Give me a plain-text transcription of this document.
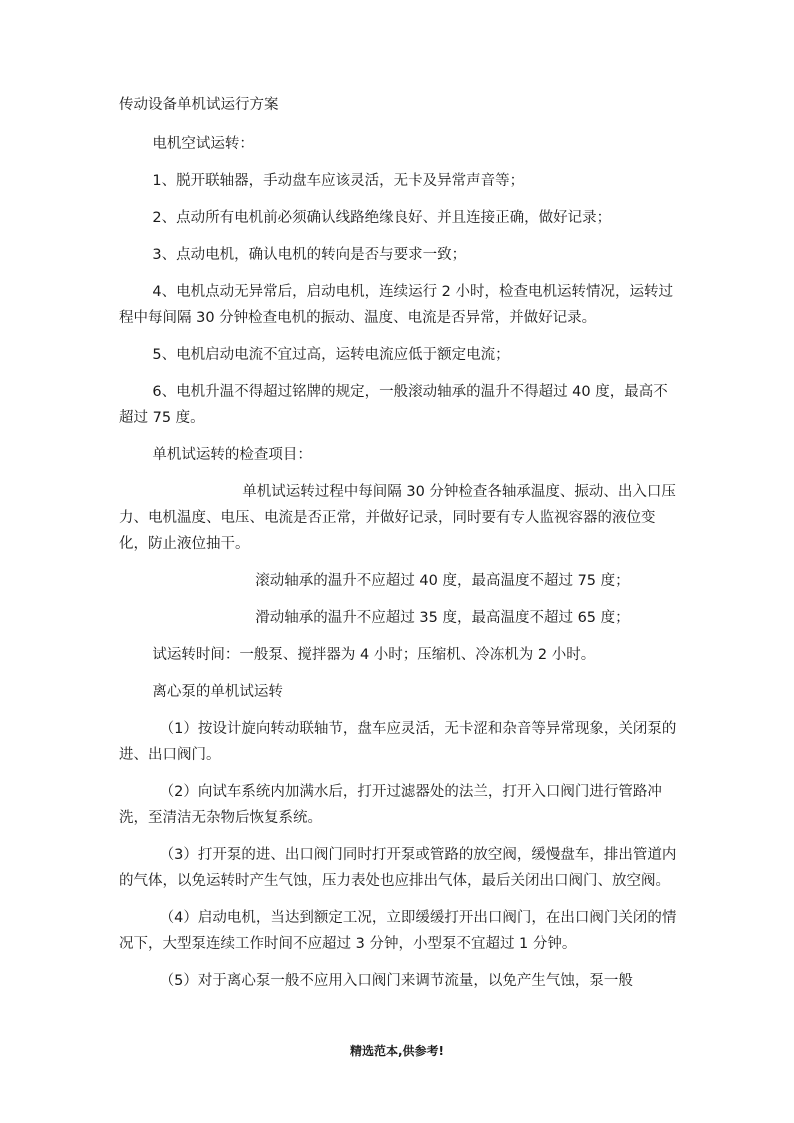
传动设备单机试运行方案

电机空试运转：

1、脱开联轴器，手动盘车应该灵活，无卡及异常声音等；

2、点动所有电机前必须确认线路绝缘良好、并且连接正确，做好记录；

3、点动电机，确认电机的转向是否与要求一致；

4、电机点动无异常后，启动电机，连续运行 2 小时，检查电机运转情况，运转过程中每间隔 30 分钟检查电机的振动、温度、电流是否异常，并做好记录。

5、电机启动电流不宜过高，运转电流应低于额定电流；

6、电机升温不得超过铭牌的规定，一般滚动轴承的温升不得超过 40 度，最高不超过 75 度。

单机试运转的检查项目：

单机试运转过程中每间隔 30 分钟检查各轴承温度、振动、出入口压力、电机温度、电压、电流是否正常，并做好记录，同时要有专人监视容器的液位变化，防止液位抽干。

滚动轴承的温升不应超过 40 度，最高温度不超过 75 度；

滑动轴承的温升不应超过 35 度，最高温度不超过 65 度；

试运转时间：一般泵、搅拌器为 4 小时；压缩机、冷冻机为 2 小时。

离心泵的单机试运转

（1）按设计旋向转动联轴节，盘车应灵活，无卡涩和杂音等异常现象，关闭泵的进、出口阀门。

（2）向试车系统内加满水后，打开过滤器处的法兰，打开入口阀门进行管路冲洗，至清洁无杂物后恢复系统。

（3）打开泵的进、出口阀门同时打开泵或管路的放空阀，缓慢盘车，排出管道内的气体，以免运转时产生气蚀，压力表处也应排出气体，最后关闭出口阀门、放空阀。

（4）启动电机，当达到额定工况，立即缓缓打开出口阀门，在出口阀门关闭的情况下，大型泵连续工作时间不应超过 3 分钟，小型泵不宜超过 1 分钟。

（5）对于离心泵一般不应用入口阀门来调节流量，以免产生气蚀，泵一般

精选范本,供参考!
